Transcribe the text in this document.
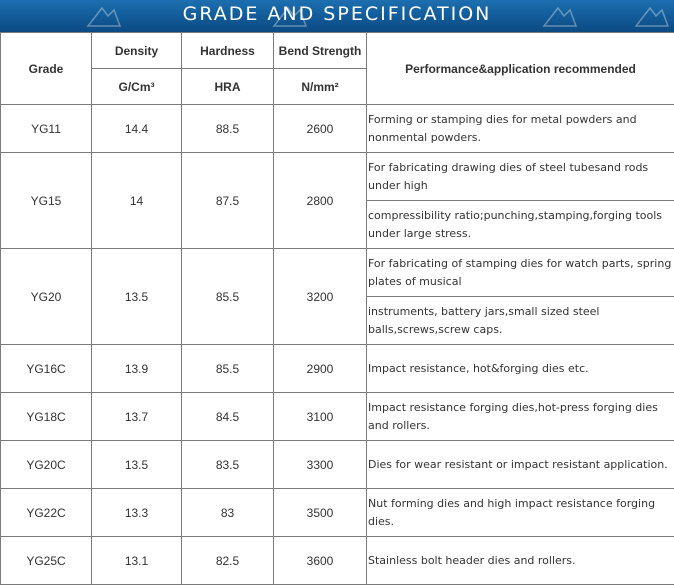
GRADE AND SPECIFICATION
Grade	Density	Hardness	Bend Strength	Performance&application recommended
	G/Cm³	HRA	N/mm²	
YG11	14.4	88.5	2600	Forming or stamping dies for metal powders and nonmental powders.
YG15	14	87.5	2800	For fabricating drawing dies of steel tubesand rods under high
				compressibility ratio;punching,stamping,forging tools under large stress.
YG20	13.5	85.5	3200	For fabricating of stamping dies for watch parts, spring plates of musical
				instruments, battery jars,small sized steel balls,screws,screw caps.
YG16C	13.9	85.5	2900	Impact resistance, hot&forging dies etc.
YG18C	13.7	84.5	3100	Impact resistance forging dies,hot-press forging dies and rollers.
YG20C	13.5	83.5	3300	Dies for wear resistant or impact resistant application.
YG22C	13.3	83	3500	Nut forming dies and high impact resistance forging dies.
YG25C	13.1	82.5	3600	Stainless bolt header dies and rollers.
